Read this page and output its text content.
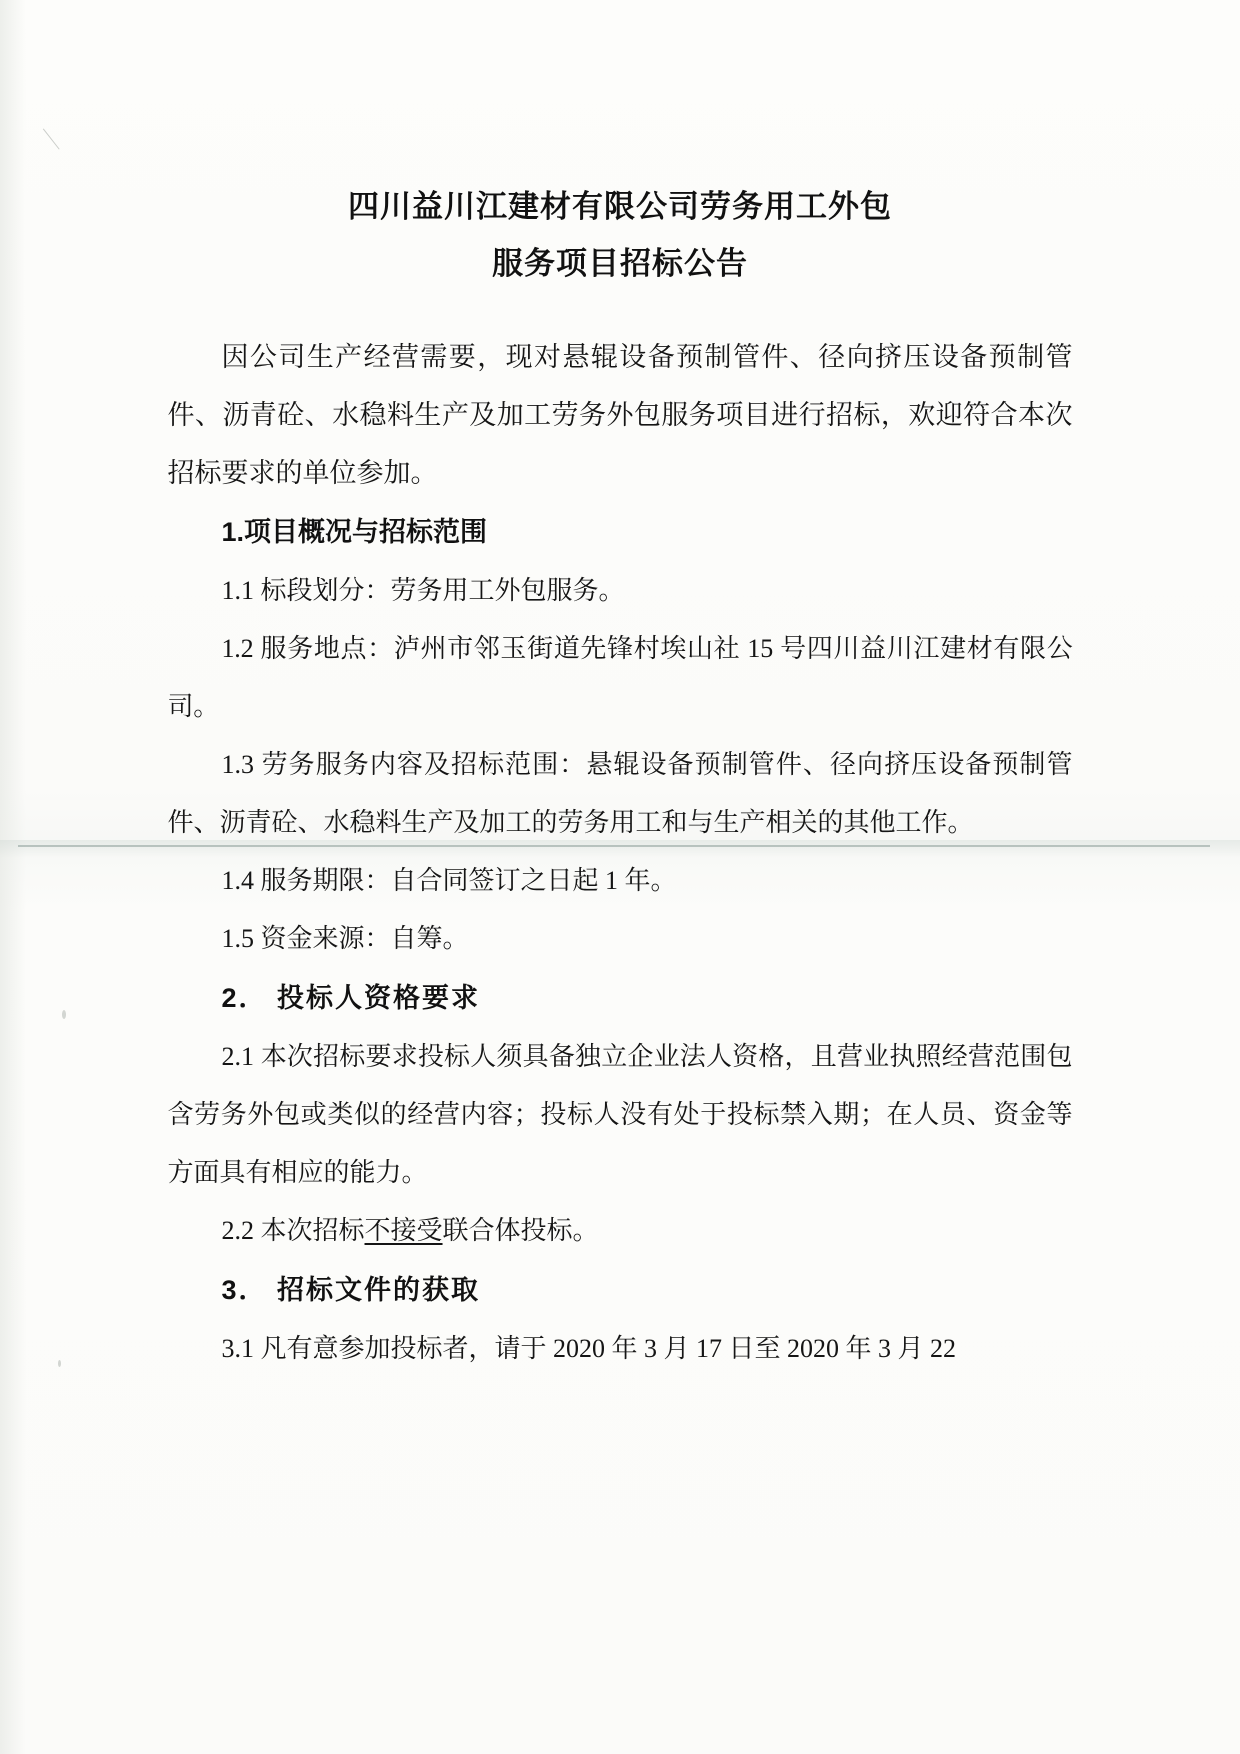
四川益川江建材有限公司劳务用工外包
服务项目招标公告

因公司生产经营需要，现对悬辊设备预制管件、径向挤压设备预制管件、沥青砼、水稳料生产及加工劳务外包服务项目进行招标，欢迎符合本次招标要求的单位参加。

1.项目概况与招标范围

1.1 标段划分：劳务用工外包服务。

1.2 服务地点：泸州市邻玉街道先锋村埃山社 15 号四川益川江建材有限公司。

1.3 劳务服务内容及招标范围：悬辊设备预制管件、径向挤压设备预制管件、沥青砼、水稳料生产及加工的劳务用工和与生产相关的其他工作。

1.4 服务期限：自合同签订之日起 1 年。

1.5 资金来源：自筹。

2． 投标人资格要求

2.1 本次招标要求投标人须具备独立企业法人资格，且营业执照经营范围包含劳务外包或类似的经营内容；投标人没有处于投标禁入期；在人员、资金等方面具有相应的能力。

2.2 本次招标不接受联合体投标。

3． 招标文件的获取

3.1 凡有意参加投标者，请于 2020 年 3 月 17 日至 2020 年 3 月 22
